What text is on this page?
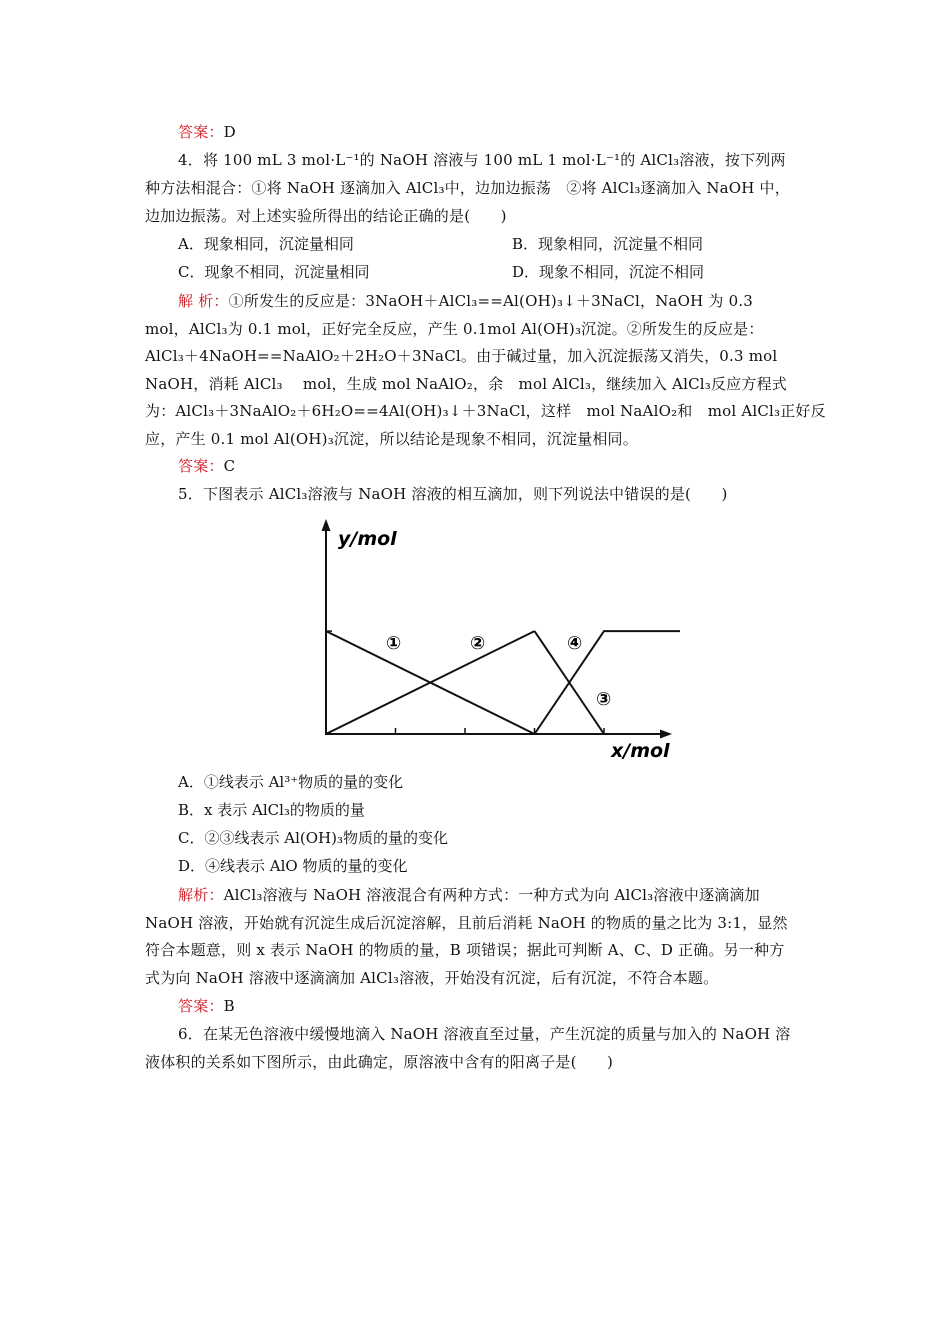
答案：D
4．将 100 mL 3 mol·L⁻¹的 NaOH 溶液与 100 mL 1 mol·L⁻¹的 AlCl₃溶液，按下列两
种方法相混合：①将 NaOH 逐滴加入 AlCl₃中，边加边振荡　②将 AlCl₃逐滴加入 NaOH 中，
边加边振荡。对上述实验所得出的结论正确的是(　　)
A．现象相同，沉淀量相同	B．现象相同，沉淀量不相同
C．现象不相同，沉淀量相同	D．现象不相同，沉淀不相同
解 析：①所发生的反应是：3NaOH＋AlCl₃==Al(OH)₃↓＋3NaCl，NaOH 为 0.3
mol，AlCl₃为 0.1 mol，正好完全反应，产生 0.1mol Al(OH)₃沉淀。②所发生的反应是：
AlCl₃＋4NaOH==NaAlO₂＋2H₂O＋3NaCl。由于碱过量，加入沉淀振荡又消失，0.3 mol
NaOH，消耗 AlCl₃　 mol，生成 mol NaAlO₂，余　mol AlCl₃，继续加入 AlCl₃反应方程式
为：AlCl₃＋3NaAlO₂＋6H₂O==4Al(OH)₃↓＋3NaCl，这样　mol NaAlO₂和　mol AlCl₃正好反
应，产生 0.1 mol Al(OH)₃沉淀，所以结论是现象不相同，沉淀量相同。
答案：C
5．下图表示 AlCl₃溶液与 NaOH 溶液的相互滴加，则下列说法中错误的是(　　)
y/mol
x/mol
①	②	④
③
A．①线表示 Al³⁺物质的量的变化
B．x 表示 AlCl₃的物质的量
C．②③线表示 Al(OH)₃物质的量的变化
D．④线表示 AlO 物质的量的变化
解析：AlCl₃溶液与 NaOH 溶液混合有两种方式：一种方式为向 AlCl₃溶液中逐滴滴加
NaOH 溶液，开始就有沉淀生成后沉淀溶解，且前后消耗 NaOH 的物质的量之比为 3:1，显然
符合本题意，则 x 表示 NaOH 的物质的量，B 项错误；据此可判断 A、C、D 正确。另一种方
式为向 NaOH 溶液中逐滴滴加 AlCl₃溶液，开始没有沉淀，后有沉淀，不符合本题。
答案：B
6．在某无色溶液中缓慢地滴入 NaOH 溶液直至过量，产生沉淀的质量与加入的 NaOH 溶
液体积的关系如下图所示，由此确定，原溶液中含有的阳离子是(　　)
